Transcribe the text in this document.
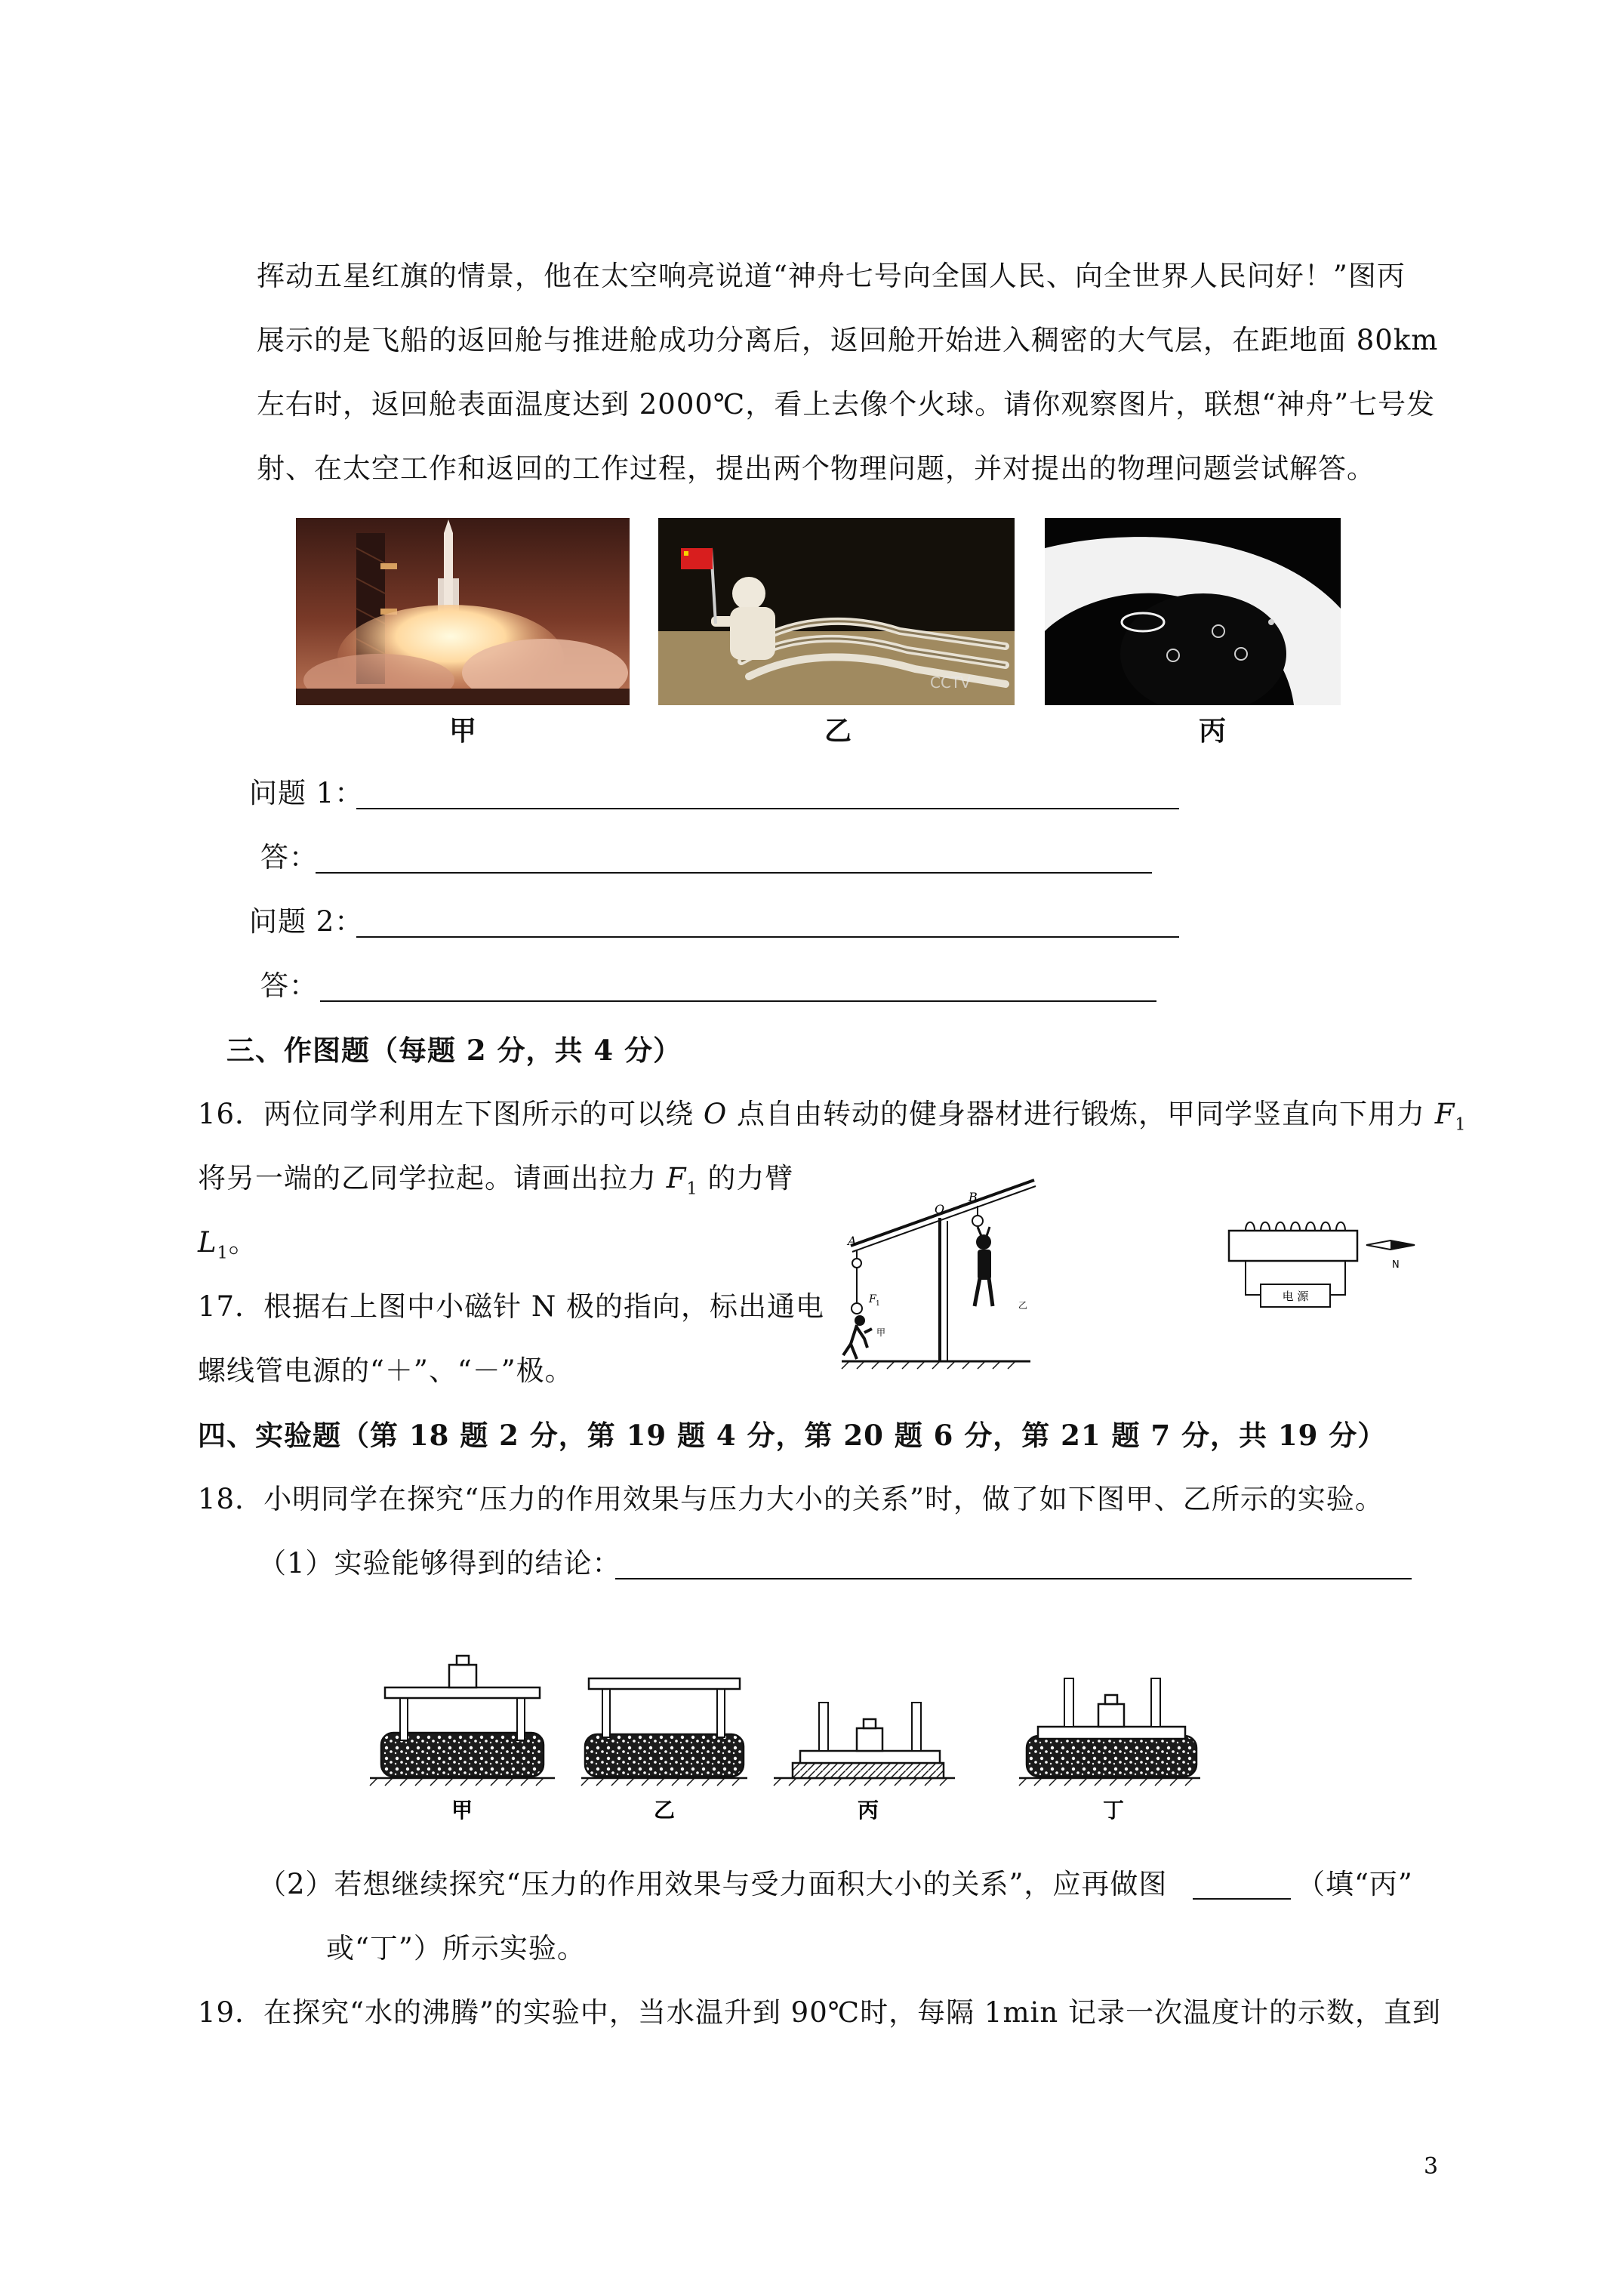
挥动五星红旗的情景，他在太空响亮说道“神舟七号向全国人民、向全世界人民问好！”图丙
展示的是飞船的返回舱与推进舱成功分离后，返回舱开始进入稠密的大气层，在距地面 80km
左右时，返回舱表面温度达到 2000℃，看上去像个火球。请你观察图片，联想“神舟”七号发
射、在太空工作和返回的工作过程，提出两个物理问题，并对提出的物理问题尝试解答。
甲
CCTV
乙	丙
问题 1：
答：
问题 2：
答：
三、作图题（每题 2 分，共 4 分）
16．两位同学利用左下图所示的可以绕 O 点自由转动的健身器材进行锻炼，甲同学竖直向下用力 $F_1$
将另一端的乙同学拉起。请画出拉力 $F_1$ 的力臂
$L_1$。
17．根据右上图中小磁针 N 极的指向，标出通电
螺线管电源的“＋”、“－”极。
A
O
B
F 1
甲
乙
电 源
N
四、实验题（第 18 题 2 分，第 19 题 4 分，第 20 题 6 分，第 21 题 7 分，共 19 分）
18．小明同学在探究“压力的作用效果与压力大小的关系”时，做了如下图甲、乙所示的实验。
（1）实验能够得到的结论：
甲	乙	丙	丁
（2）若想继续探究“压力的作用效果与受力面积大小的关系”，应再做图	（填“丙”
或“丁”）所示实验。
19．在探究“水的沸腾”的实验中，当水温升到 90℃时，每隔 1min 记录一次温度计的示数，直到
3
